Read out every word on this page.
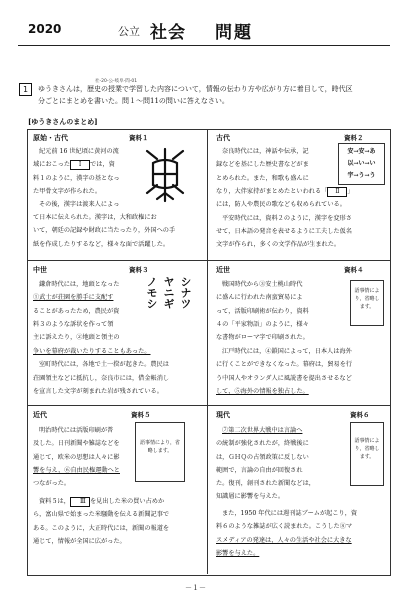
2020	公立 社会 問題
社-20-公-岐阜-問-01
1	ゆうきさんは，歴史の授業で学習した内容について，情報の伝わり方や広がり方に着目して，時代区
分ごとにまとめを書いた。問１～問11の問いに答えなさい。
[ゆうきさんのまとめ]
原始・古代	資料１
紀元前 16 世紀頃に黄河の流
域におこった Ⅰ では，資
料１のように，漢字の基となっ
た甲骨文字が作られた。
その後，漢字は渡来人によっ
て日本に伝えられた。漢字は，大和政権にお
いて，朝廷の記録や財政に当たったり，外国への手
紙を作成したりするなど，様々な面で活躍した。
古代	資料２
奈良時代には，神話や伝承，記
録などを基にした歴史書などがま
とめられた。また，和歌も盛んに
なり，大伴家持がまとめたといわれる「 Ⅱ 」
には，防人や農民の歌なども収められている。
平安時代には，資料２のように，漢字を変形さ
せて，日本語の発音を表せるように工夫した仮名
文字が作られ，多くの文学作品が生まれた。
安→安→あ
以→い→い
宇→う→う
中世	資料３
鎌倉時代には，地頭となった
①武士が荘園を勝手に支配す
ることがあったため，農民が資
料３のような訴状を作って領
主に訴えたり，②地頭と領主の
争いを幕府が裁いたりすることもあった。
室町時代には，各地で土一揆が起きた。農民は
荘園領主などに抵抗し，奈良市には，借金帳消し
を宣言した文字が刻まれた岩が残されている。
シナツ
ヤニギ
ノモシ
近世	資料４
戦国時代から③安土桃山時代
に盛んに行われた南蛮貿易によ
って，活版印刷術が伝わり，資料
４の「平家物語」のように，様々
な書物がローマ字で印刷された。
江戸時代には，④鎖国によって，日本人は海外
に行くことができなくなった。幕府は，貿易を行
う中国人やオランダ人に風説書を提出させるなど
して，⑤海外の情報を独占した。
語事情により，省略します。
近代	資料５
明治時代には活版印刷が普
及した。日刊新聞や雑誌などを
通じて，欧米の思想は人々に影
響を与え，⑥自由民権運動へと
つながった。
資料５は， Ⅲ を見出した米の買い占めか
ら，富山県で始まった米騒動を伝える新聞記事で
ある。このように，大正時代には，新聞の報道を
通じて，情報が全国に広がった。
語事情により，省略します。
現代	資料６
⑦第二次世界大戦中は言論へ
の統制が強化されたが，終戦後に
は，ＧＨＱの占領政策に反しない
範囲で，言論の自由が回復され
た。復刊，創刊された新聞などは，
知識層に影響を与えた。
また，1950 年代には週刊誌ブームが起こり，資
料６のような雑誌が広く読まれた。こうした⑧マ
スメディアの発達は，人々の生活や社会に大きな
影響を与えた。
語事情により，省略します。
－１－
